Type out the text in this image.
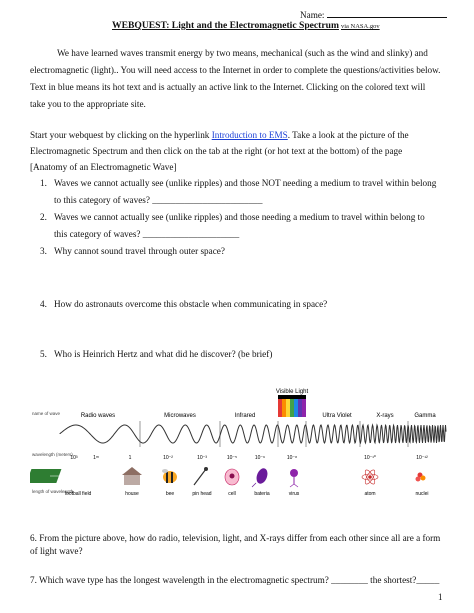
Name:
WEBQUEST: Light and the Electromagnetic Spectrum via NASA.gov
We have learned waves transmit energy by two means, mechanical (such as the wind and slinky) and
electromagnetic (light).. You will need access to the Internet in order to complete the questions/activities below.
Text in blue means its hot text and is actually an active link to the Internet. Clicking on the colored text will
take you to the appropriate site.
Start your webquest by clicking on the hyperlink Introduction to EMS. Take a look at the picture of the
Electromagnetic Spectrum and then click on the tab at the right (or hot text at the bottom) of the page
[Anatomy of an Electromagnetic Wave]
1. Waves we cannot actually see (unlike ripples) and those NOT needing a medium to travel within belong
to this category of waves? ________________________
2. Waves we cannot actually see (unlike ripples) and those needing a medium to travel within belong to
this category of waves? _____________________
3. Why cannot sound travel through outer space?
4. How do astronauts overcome this obstacle when communicating in space?
5. Who is Heinrich Hertz and what did he discover? (be brief)
Visible Light
name of wave
wavelength (meters)
length of wavelength
Radio waves	Microwaves	Infrared	Ultra Violet	X-rays	Gamma
10³	1ᵐ	1	10⁻²	10⁻³	10⁻⁵	10⁻⁶	10⁻⁸	10⁻¹⁰	10⁻¹²
football field	house	bee	pin head	cell	bateria	virus	atom	nuclei
6. From the picture above, how do radio, television, light, and X-rays differ from each other since all are a form
of light wave?
7. Which wave type has the longest wavelength in the electromagnetic spectrum? ________ the shortest?_____
1
